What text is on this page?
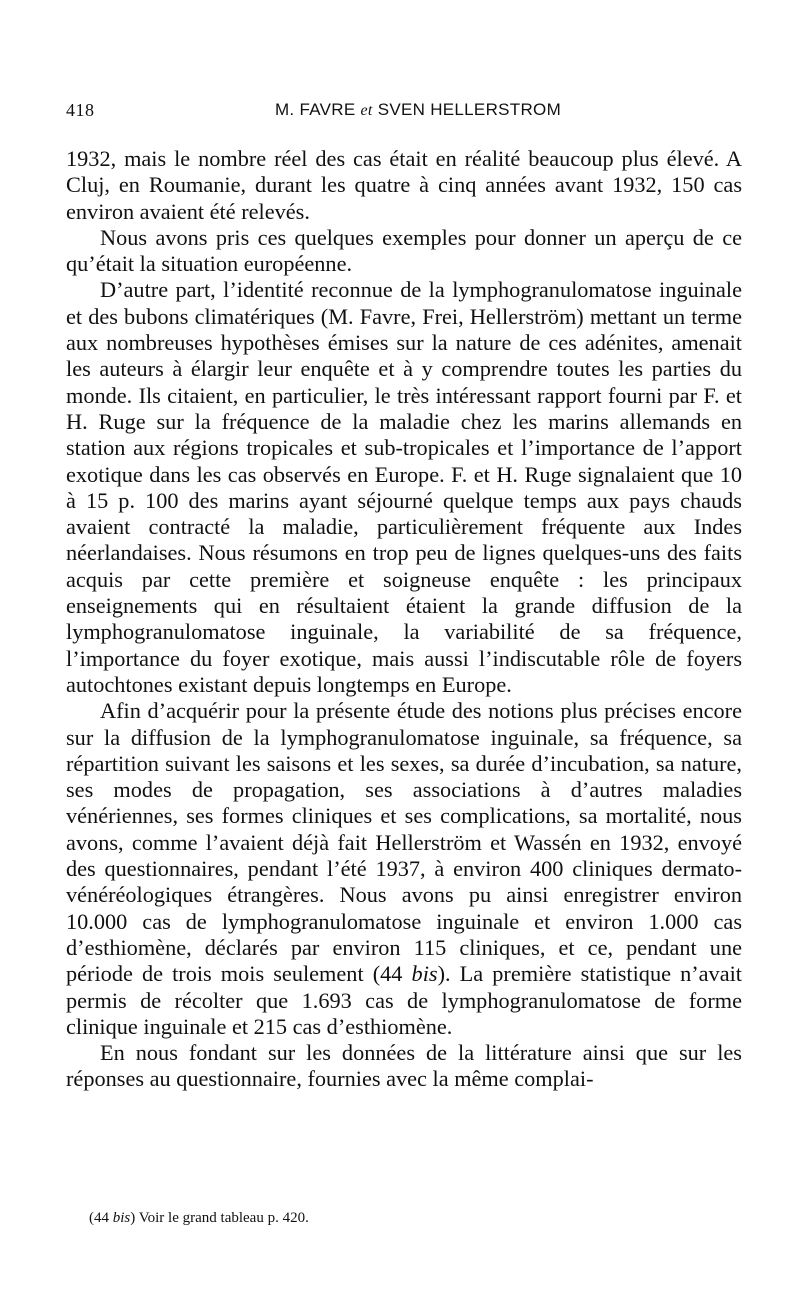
418	M. FAVRE et SVEN HELLERSTROM

1932, mais le nombre réel des cas était en réalité beaucoup plus élevé. A Cluj, en Roumanie, durant les quatre à cinq années avant 1932, 150 cas environ avaient été relevés.

Nous avons pris ces quelques exemples pour donner un aperçu de ce qu’était la situation européenne.

D’autre part, l’identité reconnue de la lymphogranulomatose inguinale et des bubons climatériques (M. Favre, Frei, Hellerström) mettant un terme aux nombreuses hypothèses émises sur la nature de ces adénites, amenait les auteurs à élargir leur enquête et à y comprendre toutes les parties du monde. Ils citaient, en particulier, le très intéressant rapport fourni par F. et H. Ruge sur la fréquence de la maladie chez les marins allemands en station aux régions tropicales et sub-tropicales et l’importance de l’apport exotique dans les cas observés en Europe. F. et H. Ruge signalaient que 10 à 15 p. 100 des marins ayant séjourné quelque temps aux pays chauds avaient contracté la maladie, particulièrement fréquente aux Indes néerlandaises. Nous résumons en trop peu de lignes quelques-uns des faits acquis par cette première et soigneuse enquête : les principaux enseignements qui en résultaient étaient la grande diffusion de la lymphogranulomatose inguinale, la variabilité de sa fréquence, l’importance du foyer exotique, mais aussi l’indiscutable rôle de foyers autochtones existant depuis longtemps en Europe.

Afin d’acquérir pour la présente étude des notions plus précises encore sur la diffusion de la lymphogranulomatose inguinale, sa fréquence, sa répartition suivant les saisons et les sexes, sa durée d’incubation, sa nature, ses modes de propagation, ses associations à d’autres maladies vénériennes, ses formes cliniques et ses complications, sa mortalité, nous avons, comme l’avaient déjà fait Hellerström et Wassén en 1932, envoyé des questionnaires, pendant l’été 1937, à environ 400 cliniques dermato-vénéréologiques étrangères. Nous avons pu ainsi enregistrer environ 10.000 cas de lymphogranulomatose inguinale et environ 1.000 cas d’esthiomène, déclarés par environ 115 cliniques, et ce, pendant une période de trois mois seulement (44 bis). La première statistique n’avait permis de récolter que 1.693 cas de lymphogranulomatose de forme clinique inguinale et 215 cas d’esthiomène.

En nous fondant sur les données de la littérature ainsi que sur les réponses au questionnaire, fournies avec la même complai-

(44 bis) Voir le grand tableau p. 420.
